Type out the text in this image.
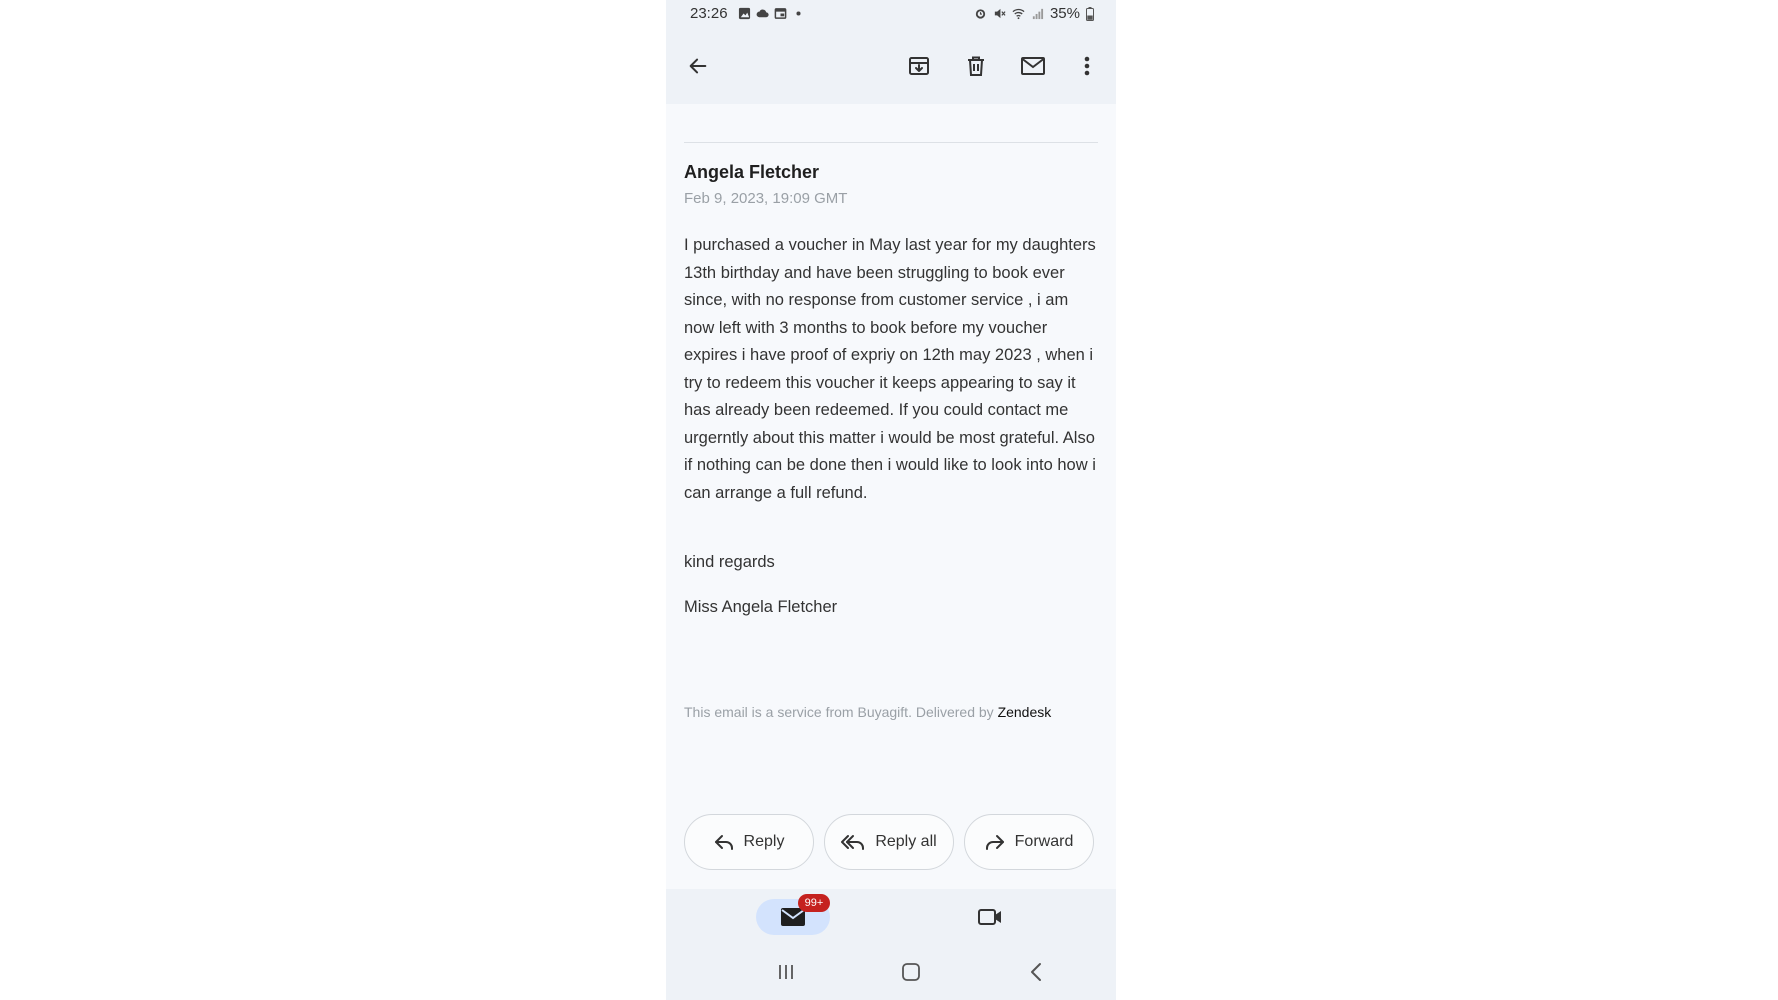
23:26	35%
Angela Fletcher
Feb 9, 2023, 19:09 GMT
I purchased a voucher in May last year for my daughters 13th birthday and have been struggling to book ever since, with no response from customer service , i am now left with 3 months to book before my voucher expires i have proof of expriy on 12th may 2023 , when i try to redeem this voucher it keeps appearing to say it has already been redeemed. If you could contact me urgerntly about this matter i would be most grateful. Also if nothing can be done then i would like to look into how i can arrange a full refund.
kind regards
Miss Angela Fletcher
This email is a service from Buyagift. Delivered by Zendesk
Reply	Reply all	Forward
99+
